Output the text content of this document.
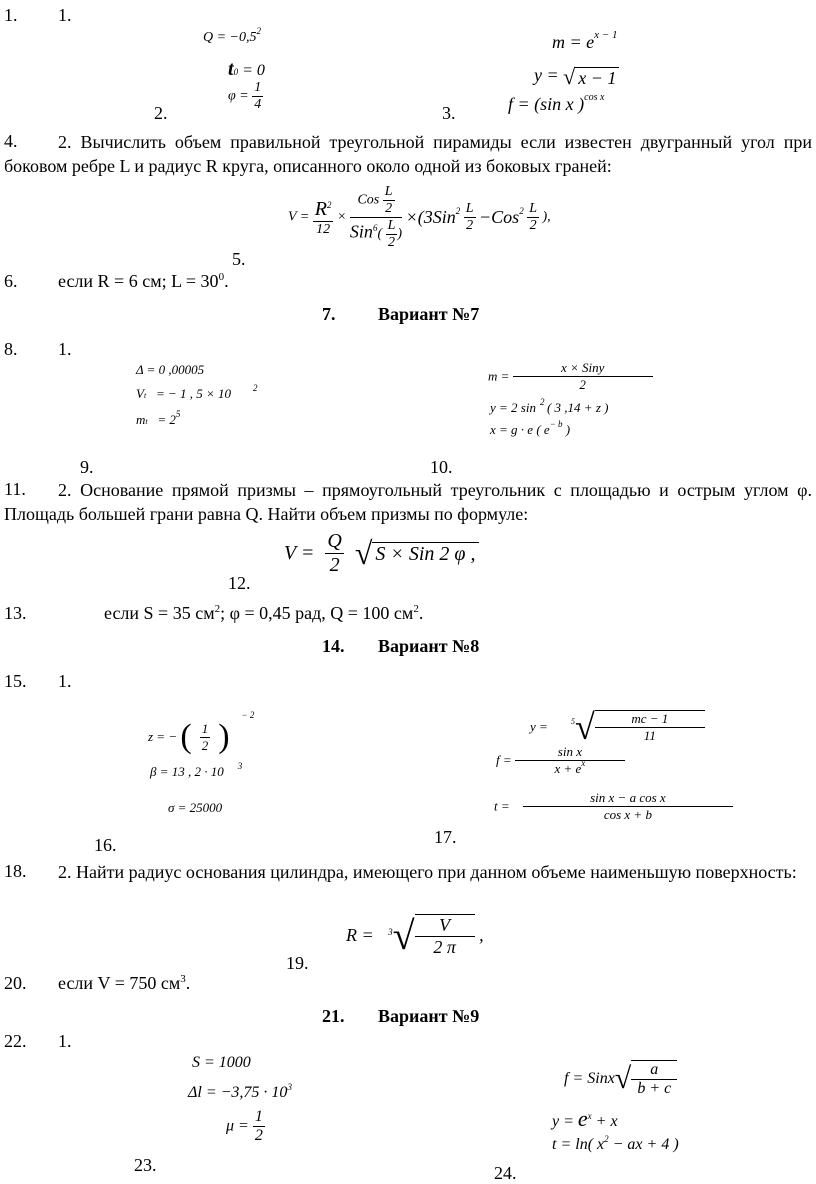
1. 1.
$Q = -0,5^2$
t0 = 0
$\varphi = \frac{1}{4}$
2.
$m = e^{x - 1}$
y = √ x − 1
f = (sin x )$^{cos x}$
3.
4.	2. Вычислить объем правильной треугольной пирамиды если известен двугранный угол при боковом ребре L и радиус R круга, описанного около одной из боковых граней:
$V = \frac{R^2}{12} \times \frac{Cos \frac{L}{2}}{Sin^6( \frac{L}{2} )} \times(3Sin^2 \frac{L}{2} -Cos^2 \frac{L}{2}$ ),
5.
6. если R = 6 см; $L = 30^0$.
7. Вариант №7
8. 1.
Δ = 0 ,00005
Vt = − 1 , 5 × 10 $^2$
mt = $2^5$
$m = \frac{\text{x × Siny}}{2}$
y = 2 sin $^2$ ( 3 ,14 + z )
x = g · e ( $e^{- b}$ )
9.	10.
11.	2. Основание прямой призмы – прямоугольный треугольник с площадью и острым углом φ. Площадь большей грани равна Q. Найти объем призмы по формуле:
$V = \frac{Q}{2}$ √ S × Sin 2 φ ,
12.
13.	если S = 35 $см^2$; φ = 0,45 рад, Q = 100 $см^2$.
14. Вариант №8
15. 1.
z = − ( $\frac{1}{2} )^{- 2}$
β = 13 , 2 · 10 $^3$
σ = 25000
y =	$^5√ \frac{mc - 1}{11}$
$f = \frac{\text{sin x}}{x + e^x}$
$t = \frac{\text{sin x − a cos x}}{\text{cos x + b}}$
16.	17.
18.	2. Найти радиус основания цилиндра, имеющего при данном объеме наименьшую поверхность:
$R = ^3√ \frac{V}{2 \pi}$ ,
19.
20. если V = 750 $см^3$.
21. Вариант №9
22. 1.
S = 1000
$\Delta l = -3,75 \cdot 10^3$
$\mu = \frac{1}{2}$
f = Sinx√ $\frac{a}{b + c}$
$y = e^x + x$
t = ln( $x^2$ − ax + 4 )
23.	24.
